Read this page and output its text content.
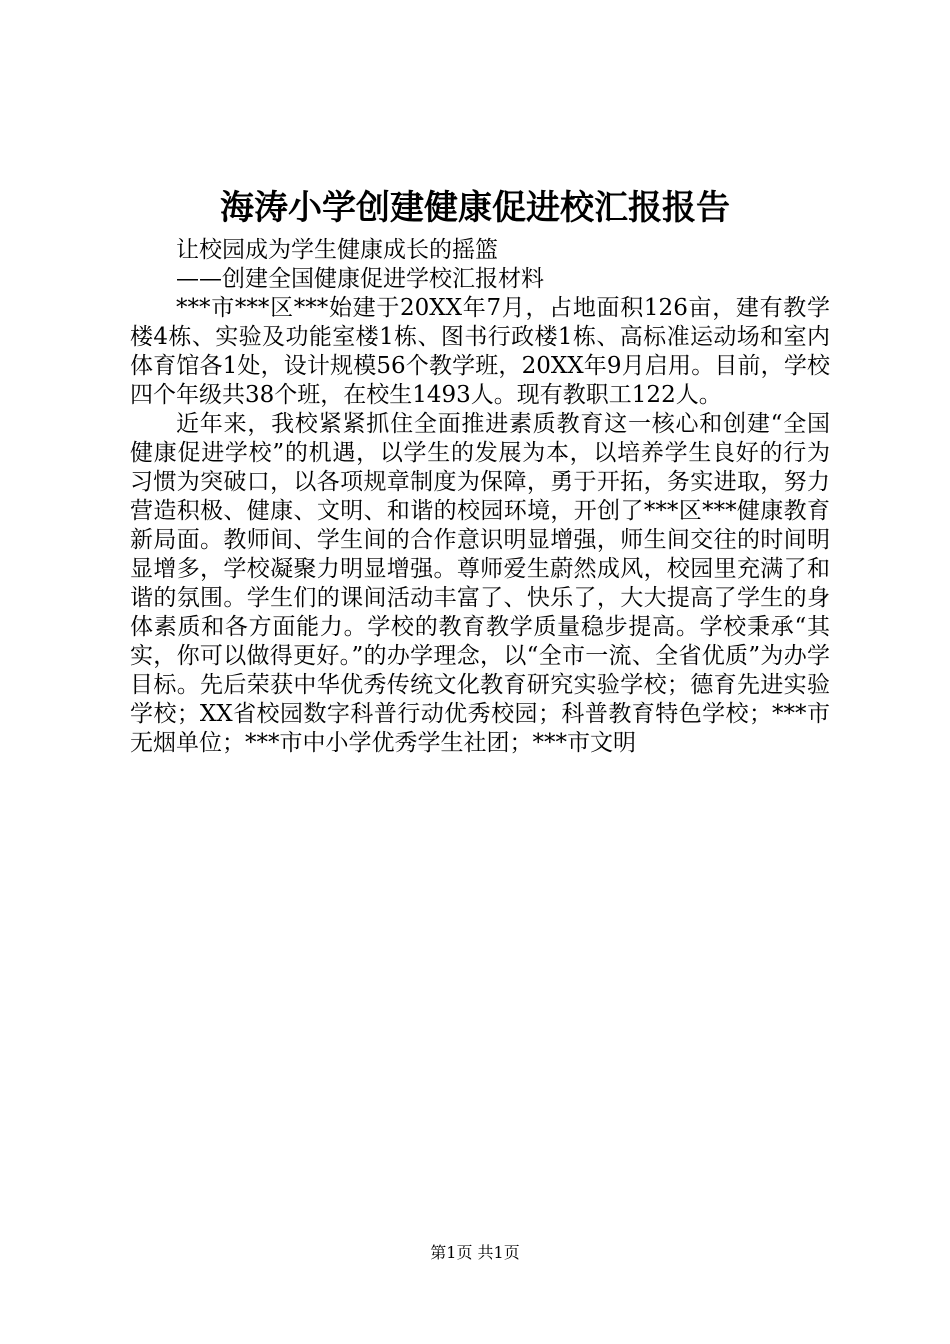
海涛小学创建健康促进校汇报报告
让校园成为学生健康成长的摇篮
——创建全国健康促进学校汇报材料
***市***区***始建于20XX年7月，占地面积126亩，建有教学楼4栋、实验及功能室楼1栋、图书行政楼1栋、高标准运动场和室内体育馆各1处，设计规模56个教学班，20XX年9月启用。目前，学校四个年级共38个班，在校生1493人。现有教职工122人。
近年来，我校紧紧抓住全面推进素质教育这一核心和创建“全国健康促进学校”的机遇，以学生的发展为本，以培养学生良好的行为习惯为突破口，以各项规章制度为保障，勇于开拓，务实进取，努力营造积极、健康、文明、和谐的校园环境，开创了***区***健康教育新局面。教师间、学生间的合作意识明显增强，师生间交往的时间明显增多，学校凝聚力明显增强。尊师爱生蔚然成风，校园里充满了和谐的氛围。学生们的课间活动丰富了、快乐了，大大提高了学生的身体素质和各方面能力。学校的教育教学质量稳步提高。学校秉承“其实，你可以做得更好。”的办学理念，以“全市一流、全省优质”为办学目标。先后荣获中华优秀传统文化教育研究实验学校；德育先进实验学校；XX省校园数字科普行动优秀校园；科普教育特色学校；***市无烟单位；***市中小学优秀学生社团；***市文明
第1页 共1页
